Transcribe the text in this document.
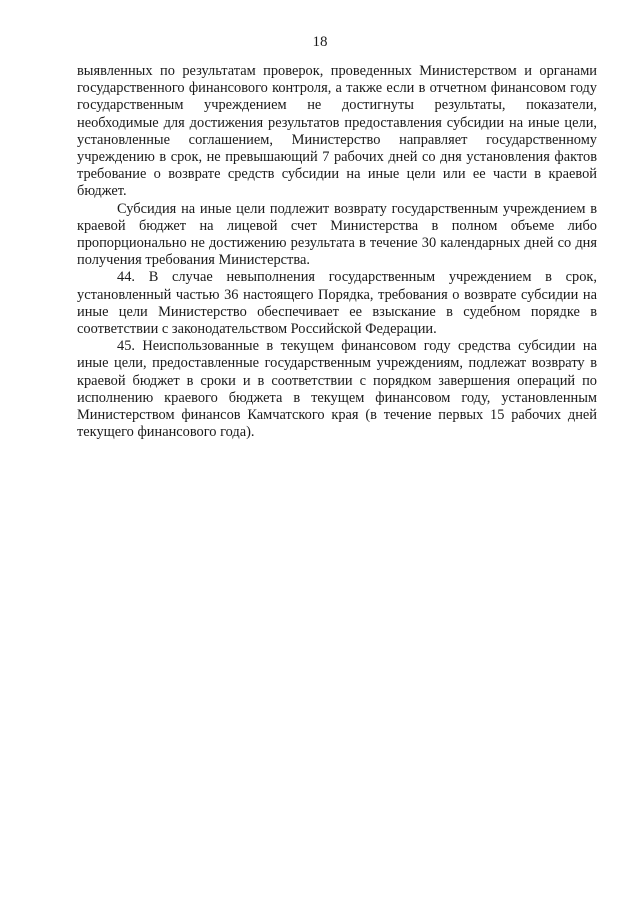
18

выявленных по результатам проверок, проведенных Министерством и органами государственного финансового контроля, а также если в отчетном финансовом году государственным учреждением не достигнуты результаты, показатели, необходимые для достижения результатов предоставления субсидии на иные цели, установленные соглашением, Министерство направляет государственному учреждению в срок, не превышающий 7 рабочих дней со дня установления фактов требование о возврате средств субсидии на иные цели или ее части в краевой бюджет.

Субсидия на иные цели подлежит возврату государственным учреждением в краевой бюджет на лицевой счет Министерства в полном объеме либо пропорционально не достижению результата в течение 30 календарных дней со дня получения требования Министерства.

44. В случае невыполнения государственным учреждением в срок, установленный частью 36 настоящего Порядка, требования о возврате субсидии на иные цели Министерство обеспечивает ее взыскание в судебном порядке в соответствии с законодательством Российской Федерации.

45. Неиспользованные в текущем финансовом году средства субсидии на иные цели, предоставленные государственным учреждениям, подлежат возврату в краевой бюджет в сроки и в соответствии с порядком завершения операций по исполнению краевого бюджета в текущем финансовом году, установленным Министерством финансов Камчатского края (в течение первых 15 рабочих дней текущего финансового года).
